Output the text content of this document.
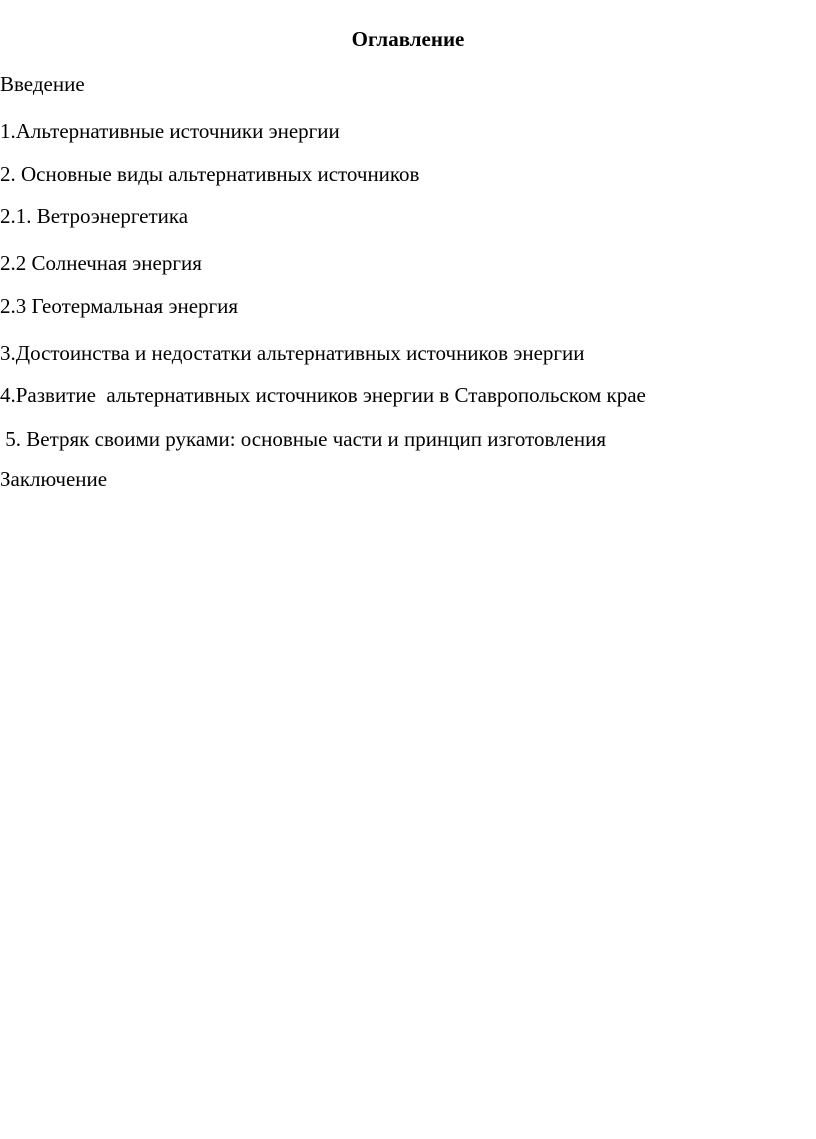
Оглавление

Введение

1.Альтернативные источники энергии

2. Основные виды альтернативных источников

2.1. Ветроэнергетика

2.2 Солнечная энергия

2.3 Геотермальная энергия

3.Достоинства и недостатки альтернативных источников энергии

4.Развитие  альтернативных источников энергии в Ставропольском крае

5. Ветряк своими руками: основные части и принцип изготовления

Заключение
